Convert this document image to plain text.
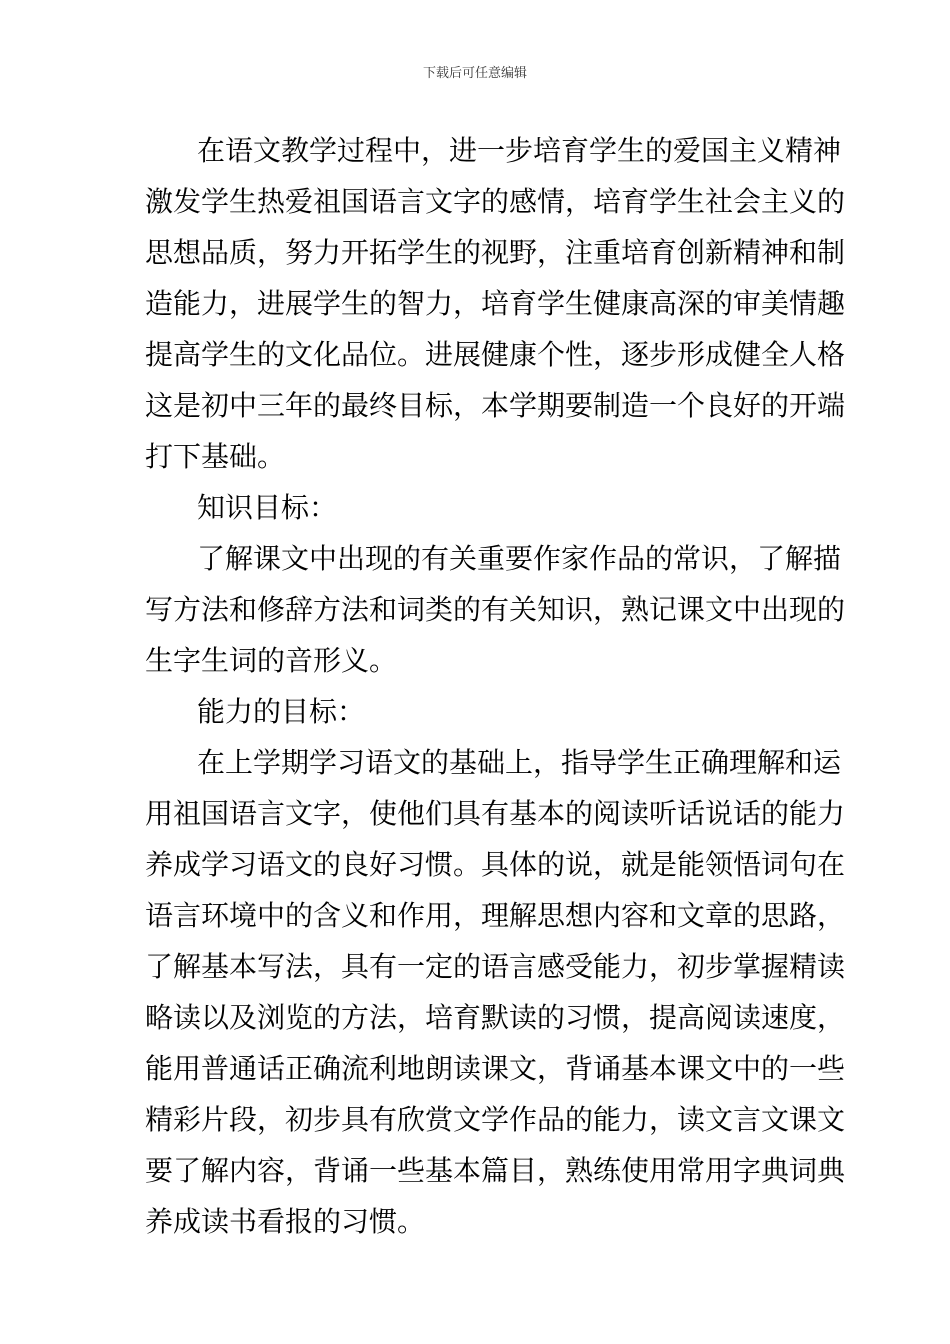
下载后可任意编辑
在语文教学过程中，进一步培育学生的爱国主义精神
激发学生热爱祖国语言文字的感情，培育学生社会主义的
思想品质，努力开拓学生的视野，注重培育创新精神和制
造能力，进展学生的智力，培育学生健康高深的审美情趣
提高学生的文化品位。进展健康个性，逐步形成健全人格
这是初中三年的最终目标，本学期要制造一个良好的开端
打下基础。
知识目标：
了解课文中出现的有关重要作家作品的常识，了解描
写方法和修辞方法和词类的有关知识，熟记课文中出现的
生字生词的音形义。
能力的目标：
在上学期学习语文的基础上，指导学生正确理解和运
用祖国语言文字，使他们具有基本的阅读听话说话的能力
养成学习语文的良好习惯。具体的说，就是能领悟词句在
语言环境中的含义和作用，理解思想内容和文章的思路，
了解基本写法，具有一定的语言感受能力，初步掌握精读
略读以及浏览的方法，培育默读的习惯，提高阅读速度，
能用普通话正确流利地朗读课文，背诵基本课文中的一些
精彩片段，初步具有欣赏文学作品的能力，读文言文课文
要了解内容，背诵一些基本篇目，熟练使用常用字典词典
养成读书看报的习惯。
